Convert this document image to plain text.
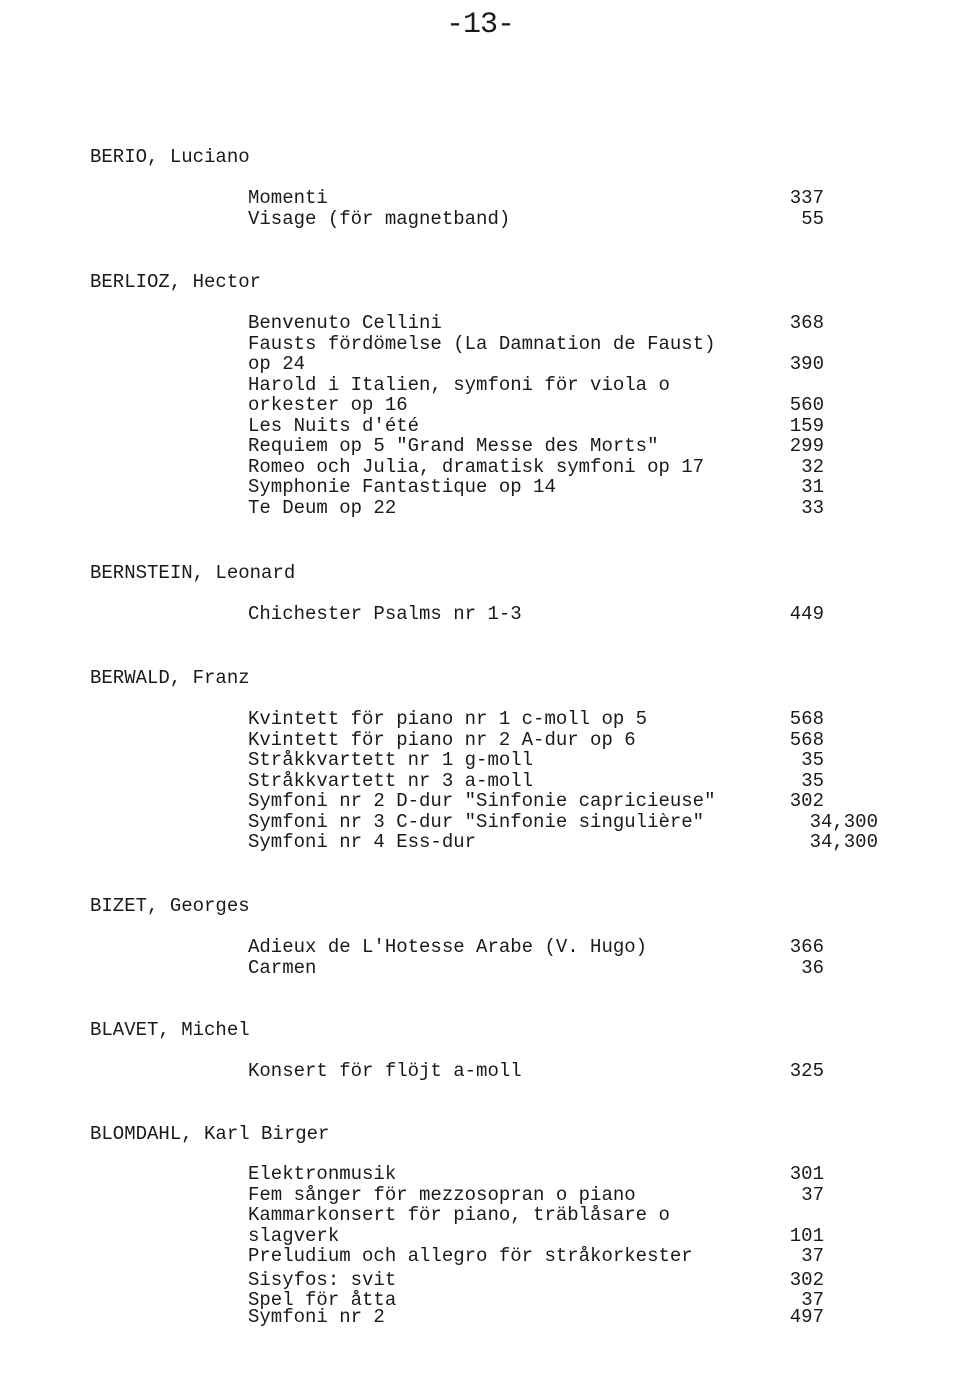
-13-
BERIO, Luciano
Momenti	337
Visage (för magnetband)	55
BERLIOZ, Hector
Benvenuto Cellini	368
Fausts fördömelse (La Damnation de Faust)
op 24	390
Harold i Italien, symfoni för viola o
orkester op 16	560
Les Nuits d'été	159
Requiem op 5 "Grand Messe des Morts"	299
Romeo och Julia, dramatisk symfoni op 17	32
Symphonie Fantastique op 14	31
Te Deum op 22	33
BERNSTEIN, Leonard
Chichester Psalms nr 1-3	449
BERWALD, Franz
Kvintett för piano nr 1 c-moll op 5	568
Kvintett för piano nr 2 A-dur op 6	568
Stråkkvartett nr 1 g-moll	35
Stråkkvartett nr 3 a-moll	35
Symfoni nr 2 D-dur "Sinfonie capricieuse"	302
Symfoni nr 3 C-dur "Sinfonie singulière"	34,300
Symfoni nr 4 Ess-dur	34,300
BIZET, Georges
Adieux de L'Hotesse Arabe (V. Hugo)	366
Carmen	36
BLAVET, Michel
Konsert för flöjt a-moll	325
BLOMDAHL, Karl Birger
Elektronmusik	301
Fem sånger för mezzosopran o piano	37
Kammarkonsert för piano, träblåsare o
slagverk	101
Preludium och allegro för stråkorkester	37
Sisyfos: svit	302
Spel för åtta	37
Symfoni nr 2	497
